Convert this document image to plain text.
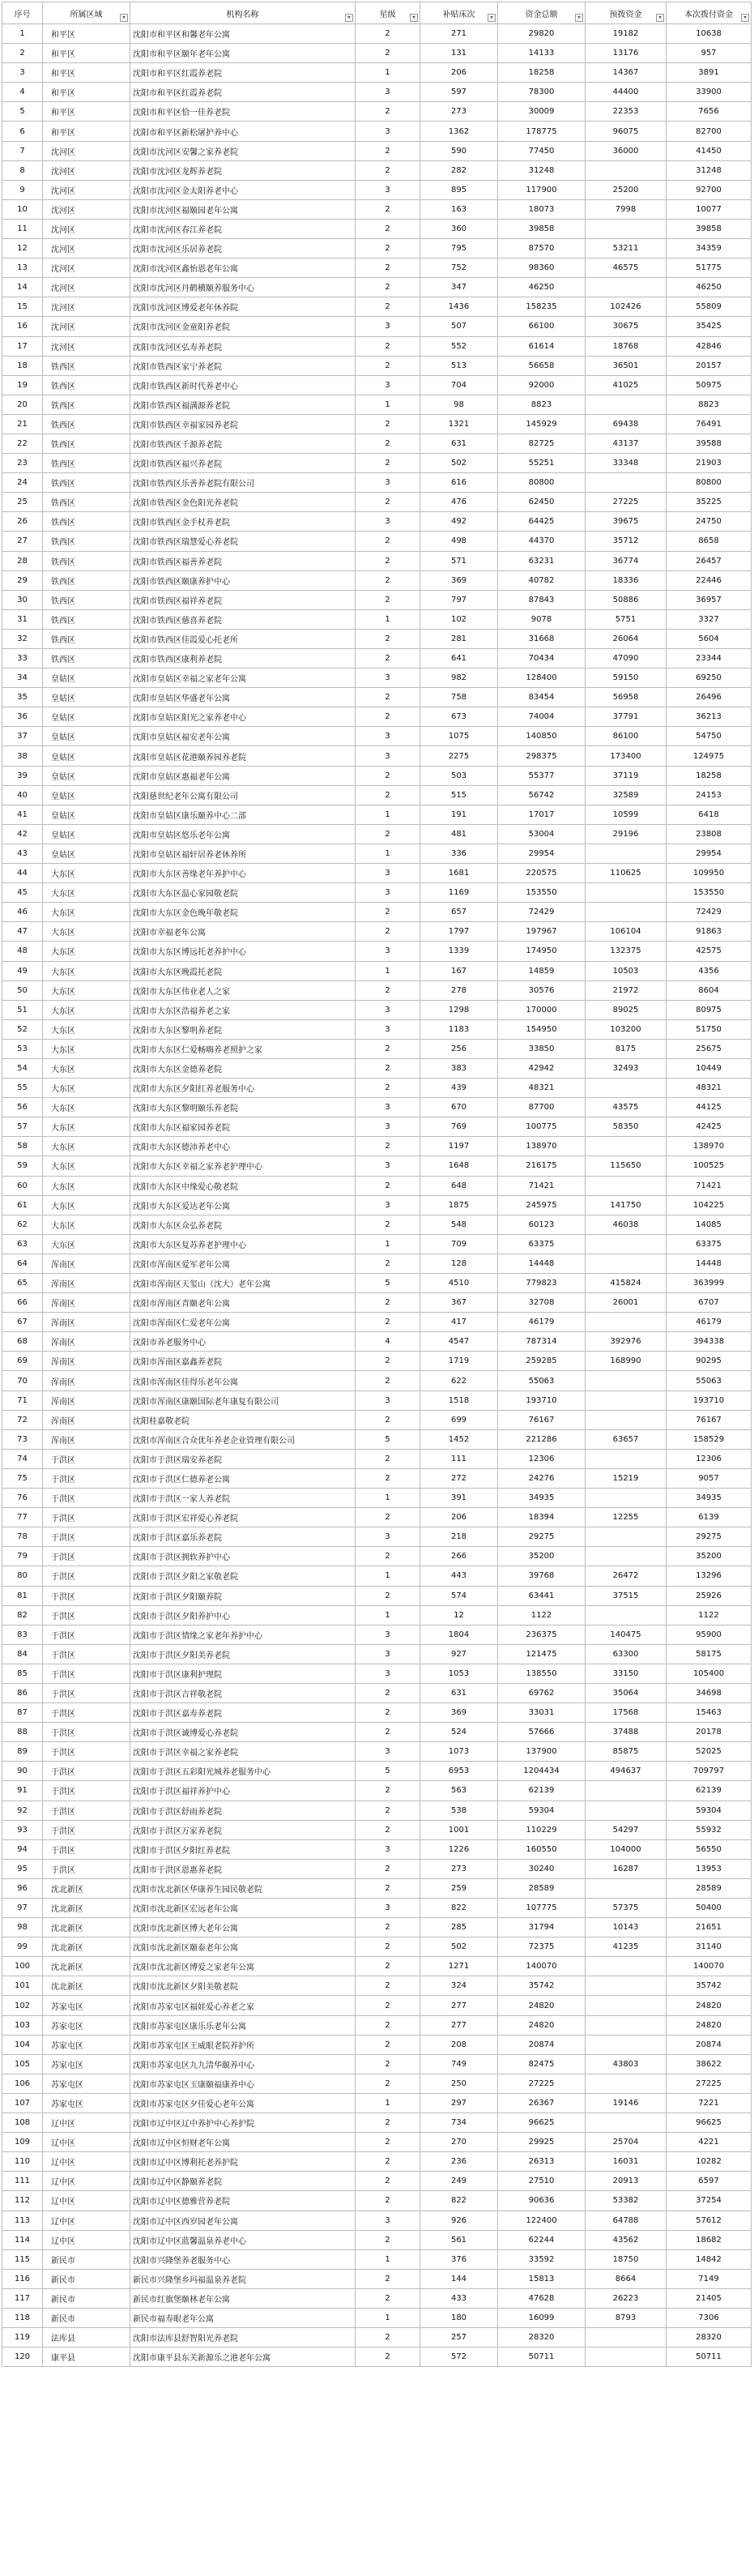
序号	所属区域 ▾	机构名称 ▾	星级 ▾	补贴床次 ▾	资金总额 ▾	预拨资金 ▾	本次拨付资金 ▾

1	和平区	沈阳市和平区和馨老年公寓	2	271	29820	19182	10638
2	和平区	沈阳市和平区颐年老年公寓	2	131	14133	13176	957
3	和平区	沈阳市和平区红霞养老院	1	206	18258	14367	3891
4	和平区	沈阳市和平区红霞养老院	3	597	78300	44400	33900
5	和平区	沈阳市和平区恰一佳养老院	2	273	30009	22353	7656
6	和平区	沈阳市和平区新松屠护养中心	3	1362	178775	96075	82700
7	沈河区	沈阳市沈河区安馨之家养老院	2	590	77450	36000	41450
8	沈河区	沈阳市沈河区龙辉养老院	2	282	31248		31248
9	沈河区	沈阳市沈河区金太阳养老中心	3	895	117900	25200	92700
10	沈河区	沈阳市沈河区福颐园老年公寓	2	163	18073	7998	10077
11	沈河区	沈阳市沈河区春江养老院	2	360	39858		39858
12	沈河区	沈阳市沈河区乐居养老院	2	795	87570	53211	34359
13	沈河区	沈阳市沈河区鑫怡恩老年公寓	2	752	98360	46575	51775
14	沈河区	沈阳市沈河区丹鹤横颐养服务中心	2	347	46250		46250
15	沈河区	沈阳市沈河区博爱老年休养院	2	1436	158235	102426	55809
16	沈河区	沈阳市沈河区金童阳养老院	3	507	66100	30675	35425
17	沈河区	沈阳市沈河区弘寿养老院	2	552	61614	18768	42846
18	铁西区	沈阳市铁西区家宁养老院	2	513	56658	36501	20157
19	铁西区	沈阳市铁西区新时代养老中心	3	704	92000	41025	50975
20	铁西区	沈阳市铁西区福满源养老院	1	98	8823		8823
21	铁西区	沈阳市铁西区幸福家园养老院	2	1321	145929	69438	76491
22	铁西区	沈阳市铁西区千源养老院	2	631	82725	43137	39588
23	铁西区	沈阳市铁西区福兴养老院	2	502	55251	33348	21903
24	铁西区	沈阳市铁西区乐善养老院有限公司	3	616	80800		80800
25	铁西区	沈阳市铁西区金色阳光养老院	2	476	62450	27225	35225
26	铁西区	沈阳市铁西区金手杖养老院	3	492	64425	39675	24750
27	铁西区	沈阳市铁西区瑞慧爱心养老院	2	498	44370	35712	8658
28	铁西区	沈阳市铁西区福善养老院	2	571	63231	36774	26457
29	铁西区	沈阳市铁西区颐康养护中心	2	369	40782	18336	22446
30	铁西区	沈阳市铁西区福祥养老院	2	797	87843	50886	36957
31	铁西区	沈阳市铁西区慈喜养老院	1	102	9078	5751	3327
32	铁西区	沈阳市铁西区佳霞爱心托老所	2	281	31668	26064	5604
33	铁西区	沈阳市铁西区康利养老院	2	641	70434	47090	23344
34	皇姑区	沈阳市皇姑区幸福之家老年公寓	3	982	128400	59150	69250
35	皇姑区	沈阳市皇姑区华盛老年公寓	2	758	83454	56958	26496
36	皇姑区	沈阳市皇姑区阳光之家养老中心	2	673	74004	37791	36213
37	皇姑区	沈阳市皇姑区福安老年公寓	3	1075	140850	86100	54750
38	皇姑区	沈阳市皇姑区花港颐养园养老院	3	2275	298375	173400	124975
39	皇姑区	沈阳市皇姑区惠福老年公寓	2	503	55377	37119	18258
40	皇姑区	沈阳慈世纪老年公寓有限公司	2	515	56742	32589	24153
41	皇姑区	沈阳市皇姑区康乐颐养中心二部	1	191	17017	10599	6418
42	皇姑区	沈阳市皇姑区悠乐老年公寓	2	481	53004	29196	23808
43	皇姑区	沈阳市皇姑区福轩居养老休养所	1	336	29954		29954
44	大东区	沈阳市大东区善缘老年养护中心	3	1681	220575	110625	109950
45	大东区	沈阳市大东区温心家园敬老院	3	1169	153550		153550
46	大东区	沈阳市大东区金色晚年敬老院	2	657	72429		72429
47	大东区	沈阳市幸福老年公寓	2	1797	197967	106104	91863
48	大东区	沈阳市大东区博远托老养护中心	3	1339	174950	132375	42575
49	大东区	沈阳市大东区晚霞托老院	1	167	14859	10503	4356
50	大东区	沈阳市大东区伟业老人之家	2	278	30576	21972	8604
51	大东区	沈阳市大东区浩福养老之家	3	1298	170000	89025	80975
52	大东区	沈阳市大东区黎明养老院	3	1183	154950	103200	51750
53	大东区	沈阳市大东区仁爱畅嗨养老照护之家	2	256	33850	8175	25675
54	大东区	沈阳市大东区金德养老院	2	383	42942	32493	10449
55	大东区	沈阳市大东区夕阳红养老服务中心	2	439	48321		48321
56	大东区	沈阳市大东区黎明颐乐养老院	3	670	87700	43575	44125
57	大东区	沈阳市大东区福家园养老院	3	769	100775	58350	42425
58	大东区	沈阳市大东区德沛养老中心	2	1197	138970		138970
59	大东区	沈阳市大东区幸福之家养老护理中心	3	1648	216175	115650	100525
60	大东区	沈阳市大东区中缘爱心敬老院	2	648	71421		71421
61	大东区	沈阳市大东区爱达老年公寓	3	1875	245975	141750	104225
62	大东区	沈阳市大东区众弘养老院	2	548	60123	46038	14085
63	大东区	沈阳市大东区复苏养老护理中心	1	709	63375		63375
64	浑南区	沈阳市浑南区爱军老年公寓	2	128	14448		14448
65	浑南区	沈阳市浑南区天玺山（沈大）老年公寓	5	4510	779823	415824	363999
66	浑南区	沈阳市浑南区青颐老年公寓	2	367	32708	26001	6707
67	浑南区	沈阳市浑南区仁爱老年公寓	2	417	46179		46179
68	浑南区	沈阳市养老服务中心	4	4547	787314	392976	394338
69	浑南区	沈阳市浑南区嘉鑫养老院	2	1719	259285	168990	90295
70	浑南区	沈阳市浑南区佳得乐老年公寓	2	622	55063		55063
71	浑南区	沈阳市浑南区康颐国际老年康复有限公司	3	1518	193710		193710
72	浑南区	沈阳桂嘉敬老院	2	699	76167		76167
73	浑南区	沈阳市浑南区合众优年养老企业管理有限公司	5	1452	221286	63657	158529
74	于洪区	沈阳市于洪区瑞安养老院	2	111	12306		12306
75	于洪区	沈阳市于洪区仁德养老公寓	2	272	24276	15219	9057
76	于洪区	沈阳市于洪区一家人养老院	1	391	34935		34935
77	于洪区	沈阳市于洪区宏祥爱心养老院	2	206	18394	12255	6139
78	于洪区	沈阳市于洪区嘉乐养老院	3	218	29275		29275
79	于洪区	沈阳市于洪区拥软养护中心	2	266	35200		35200
80	于洪区	沈阳市于洪区夕阳之家敬老院	1	443	39768	26472	13296
81	于洪区	沈阳市于洪区夕阳颐养院	2	574	63441	37515	25926
82	于洪区	沈阳市于洪区夕阳养护中心	1	12	1122		1122
83	于洪区	沈阳市于洪区情缘之家老年养护中心	3	1804	236375	140475	95900
84	于洪区	沈阳市于洪区夕阳美养老院	3	927	121475	63300	58175
85	于洪区	沈阳市于洪区康利护理院	3	1053	138550	33150	105400
86	于洪区	沈阳市于洪区吉祥敬老院	2	631	69762	35064	34698
87	于洪区	沈阳市于洪区嘉寿养老院	2	369	33031	17568	15463
88	于洪区	沈阳市于洪区诚博爱心养老院	2	524	57666	37488	20178
89	于洪区	沈阳市于洪区幸福之家养老院	3	1073	137900	85875	52025
90	于洪区	沈阳市于洪区五彩阳光城养老服务中心	5	6953	1204434	494637	709797
91	于洪区	沈阳市于洪区福祥养护中心	2	563	62139		62139
92	于洪区	沈阳市于洪区舒雨养老院	2	538	59304		59304
93	于洪区	沈阳市于洪区万家养老院	2	1001	110229	54297	55932
94	于洪区	沈阳市于洪区夕阳红养老院	3	1226	160550	104000	56550
95	于洪区	沈阳市于洪区恩惠养老院	2	273	30240	16287	13953
96	沈北新区	沈阳市沈北新区华康养生园民敬老院	2	259	28589		28589
97	沈北新区	沈阳市沈北新区宏远老年公寓	3	822	107775	57375	50400
98	沈北新区	沈阳市沈北新区博大老年公寓	2	285	31794	10143	21651
99	沈北新区	沈阳市沈北新区颐泰老年公寓	2	502	72375	41235	31140
100	沈北新区	沈阳市沈北新区博爱之家老年公寓	2	1271	140070		140070
101	沈北新区	沈阳市沈北新区夕阳美敬老院	2	324	35742		35742
102	苏家屯区	沈阳市苏家屯区福娃爱心养老之家	2	277	24820		24820
103	苏家屯区	沈阳市苏家屯区康乐乐老年公寓	2	277	24820		24820
104	苏家屯区	沈阳市苏家屯区王威眼老院养护所	2	208	20874		20874
105	苏家屯区	沈阳市苏家屯区九九清华颐养中心	2	749	82475	43803	38622
106	苏家屯区	沈阳市苏家屯区玉康颐福康养中心	2	250	27225		27225
107	苏家屯区	沈阳市苏家屯区夕佳爱心老年公寓	1	297	26367	19146	7221
108	辽中区	沈阳市辽中区辽中养护中心养护院	2	734	96625		96625
109	辽中区	沈阳市辽中区恒财老年公寓	2	270	29925	25704	4221
110	辽中区	沈阳市辽中区博利托老养护院	2	236	26313	16031	10282
111	辽中区	沈阳市辽中区静颐养老院	2	249	27510	20913	6597
112	辽中区	沈阳市辽中区德雅营养老院	2	822	90636	53382	37254
113	辽中区	沈阳市辽中区西岁园老年公寓	3	926	122400	64788	57612
114	辽中区	沈阳市辽中区蓝馨温泉养老中心	2	561	62244	43562	18682
115	新民市	沈阳市兴隆堡养老服务中心	1	376	33592	18750	14842
116	新民市	新民市兴隆堡乡玛福温泉养老院	2	144	15813	8664	7149
117	新民市	新民市红旗堡颐林老年公寓	2	433	47628	26223	21405
118	新民市	新民市福寿眼老年公寓	1	180	16099	8793	7306
119	法库县	沈阳市法库县舒智阳光养老院	2	257	28320		28320
120	康平县	沈阳市康平县东关新源乐之港老年公寓	2	572	50711		50711
